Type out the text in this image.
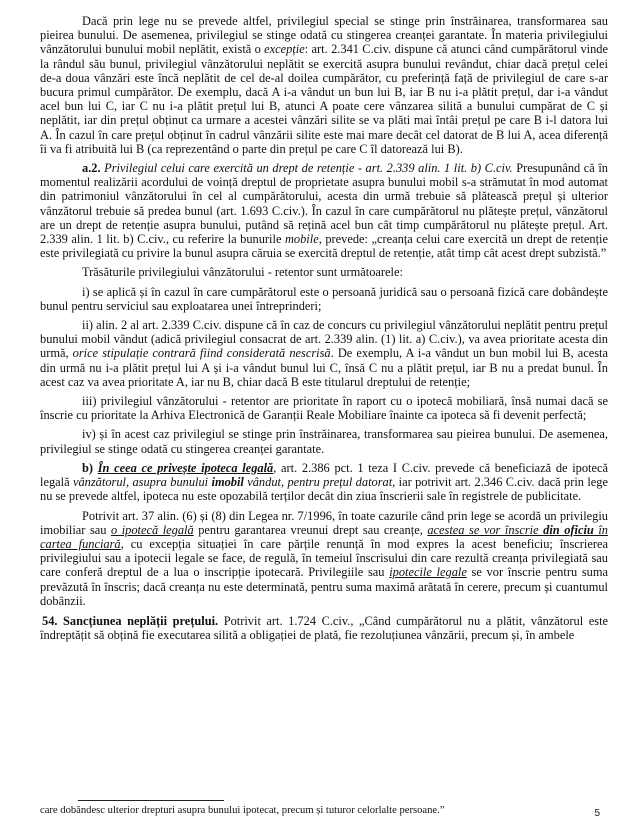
Dacă prin lege nu se prevede altfel, privilegiul special se stinge prin înstrăinarea, transformarea sau pieirea bunului. De asemenea, privilegiul se stinge odată cu stingerea creanței garantate. În materia privilegiului vânzătorului bunului mobil neplătit, există o excepție: art. 2.341 C.civ. dispune că atunci când cumpărătorul vinde la rândul său bunul, privilegiul vânzătorului neplătit se exercită asupra bunului revândut, chiar dacă prețul celei de-a doua vânzări este încă neplătit de cel de-al doilea cumpărător, cu preferință față de privilegiul de care s-ar bucura primul cumpărător. De exemplu, dacă A i-a vândut un bun lui B, iar B nu i-a plătit prețul, dar i-a vândut acel bun lui C, iar C nu i-a plătit prețul lui B, atunci A poate cere vânzarea silită a bunului cumpărat de C și neplătit, iar din prețul obținut ca urmare a acestei vânzări silite se va plăti mai întâi prețul pe care B i-l datora lui A. În cazul în care prețul obținut în cadrul vânzării silite este mai mare decât cel datorat de B lui A, acea diferență îi va fi atribuită lui B (ca reprezentând o parte din prețul pe care C îl datorează lui B).

a.2. Privilegiul celui care exercită un drept de retenție - art. 2.339 alin. 1 lit. b) C.civ. Presupunând că în momentul realizării acordului de voință dreptul de proprietate asupra bunului mobil s-a strămutat în mod automat din patrimoniul vânzătorului în cel al cumpărătorului, acesta din urmă trebuie să plătească prețul și ulterior vânzătorul trebuie să predea bunul (art. 1.693 C.civ.). În cazul în care cumpărătorul nu plătește prețul, vânzătorul are un drept de retenție asupra bunului, putând să rețină acel bun cât timp cumpărătorul nu plătește prețul. Art. 2.339 alin. 1 lit. b) C.civ., cu referire la bunurile mobile, prevede: „creanța celui care exercită un drept de retenție este privilegiată cu privire la bunul asupra căruia se exercită dreptul de retenție, atât timp cât acest drept subzistă.”

Trăsăturile privilegiului vânzătorului - retentor sunt următoarele:

i) se aplică și în cazul în care cumpărătorul este o persoană juridică sau o persoană fizică care dobândește bunul pentru serviciul sau exploatarea unei întreprinderi;

ii) alin. 2 al art. 2.339 C.civ. dispune că în caz de concurs cu privilegiul vânzătorului neplătit pentru prețul bunului mobil vândut (adică privilegiul consacrat de art. 2.339 alin. (1) lit. a) C.civ.), va avea prioritate acesta din urmă, orice stipulație contrară fiind considerată nescrisă. De exemplu, A i-a vândut un bun mobil lui B, acesta din urmă nu i-a plătit prețul lui A și i-a vândut bunul lui C, însă C nu a plătit prețul, iar B nu a predat bunul. În acest caz va avea prioritate A, iar nu B, chiar dacă B este titularul dreptului de retenție;

iii) privilegiul vânzătorului - retentor are prioritate în raport cu o ipotecă mobiliară, însă numai dacă se înscrie cu prioritate la Arhiva Electronică de Garanții Reale Mobiliare înainte ca ipoteca să fi devenit perfectă;

iv) și în acest caz privilegiul se stinge prin înstrăinarea, transformarea sau pieirea bunului. De asemenea, privilegiul se stinge odată cu stingerea creanței garantate.

b) În ceea ce privește ipoteca legală, art. 2.386 pct. 1 teza I C.civ. prevede că beneficiază de ipotecă legală vânzătorul, asupra bunului imobil vândut, pentru prețul datorat, iar potrivit art. 2.346 C.civ. dacă prin lege nu se prevede altfel, ipoteca nu este opozabilă terților decât din ziua înscrierii sale în registrele de publicitate.

Potrivit art. 37 alin. (6) și (8) din Legea nr. 7/1996, în toate cazurile când prin lege se acordă un privilegiu imobiliar sau o ipotecă legală pentru garantarea vreunui drept sau creanțe, acestea se vor înscrie din oficiu în cartea funciară, cu excepția situației în care părțile renunță în mod expres la acest beneficiu; înscrierea privilegiului sau a ipotecii legale se face, de regulă, în temeiul înscrisului din care rezultă creanța privilegiată sau care conferă dreptul de a lua o inscripție ipotecară. Privilegiile sau ipotecile legale se vor înscrie pentru suma prevăzută în înscris; dacă creanța nu este determinată, pentru suma maximă arătată în cerere, precum și cuantumul dobânzii.

54. Sancțiunea neplății prețului. Potrivit art. 1.724 C.civ., „Când cumpărătorul nu a plătit, vânzătorul este îndreptățit să obțină fie executarea silită a obligației de plată, fie rezoluțiunea vânzării, precum și, în ambele

care dobândesc ulterior drepturi asupra bunului ipotecat, precum și tuturor celorlalte persoane.”	5
